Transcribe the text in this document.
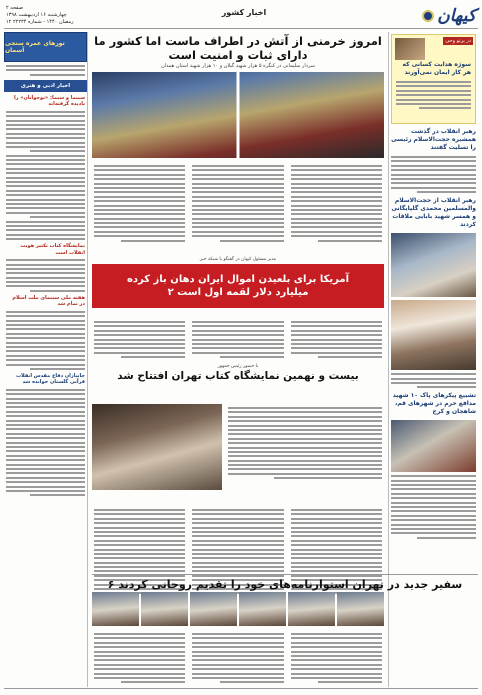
صفحه ۲
چهارشنبه ۱۶ اردیبهشت ۱۳۹۸
۱۲ رمضان ۱۴۴۰ - شماره ۲۲۲۳۴
اخبار کشور	کیهان
تورهای عمره سنجی آسمان
اخبار ادبی و هنری
سینما و سیما: «نوجوانان» را نادیده گرفته‌اند
نمایشگاه کتاب تکثیر هویت انقلاب است
هفته ملی سینمای ملت اسلام در تمام شد
جانبازان دفاع مقدس انقلاب قرآنی گلستان خوانده شد
در پرتو وحی
سوژه هدایت کسانی که هر کار ایمان نمی‌آورند
رهبر انقلاب در گذشت همشیره حجت‌الاسلام رئیسی را تسلیت گفتند
رهبر انقلاب از حجت‌الاسلام والمسلمین محمدی گلپایگانی و همسر شهید بابایی ملاقات کردند
تشییع پیکرهای پاک ۱۰ شهید مدافع حرم در شهرهای قم، شاهجان و کرج
امروز خرمنی از آتش در اطراف ماست اما کشور ما دارای ثبات و امنیت است
سردار سلیمانی در کنگره ۵ هزار شهید گیلان و ۱۰ هزار شهید استان همدان
مدیر مسئول کیهان در گفتگو با شبکه خبر
آمریکا برای بلعیدن اموال ایران دهان باز کرده
۲ میلیارد دلار لقمه اول است
با حضور رئیس جمهور
بیست و نهمین نمایشگاه کتاب تهران افتتاح شد
۶ سفیر جدید در تهران استوارنامه‌های خود را تقدیم روحانی کردند
